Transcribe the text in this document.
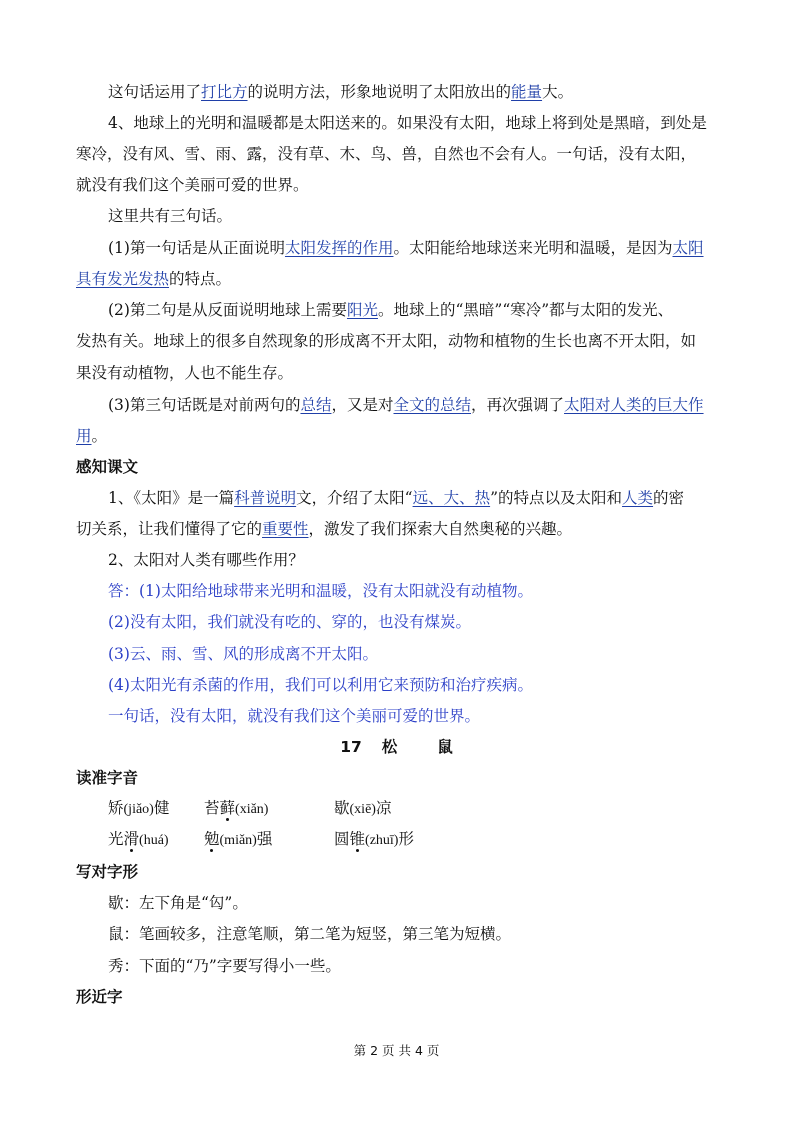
这句话运用了打比方的说明方法，形象地说明了太阳放出的能量大。
4、地球上的光明和温暖都是太阳送来的。如果没有太阳，地球上将到处是黑暗，到处是
寒冷，没有风、雪、雨、露，没有草、木、鸟、兽，自然也不会有人。一句话，没有太阳，
就没有我们这个美丽可爱的世界。
这里共有三句话。
(1)第一句话是从正面说明太阳发挥的作用。太阳能给地球送来光明和温暖，是因为太阳
具有发光发热的特点。
(2)第二句是从反面说明地球上需要阳光。地球上的“黑暗”“寒冷”都与太阳的发光、
发热有关。地球上的很多自然现象的形成离不开太阳，动物和植物的生长也离不开太阳，如
果没有动植物，人也不能生存。
(3)第三句话既是对前两句的总结，又是对全文的总结，再次强调了太阳对人类的巨大作
用。
感知课文
1、《太阳》是一篇科普说明文，介绍了太阳“远、大、热”的特点以及太阳和人类的密
切关系，让我们懂得了它的重要性，激发了我们探索大自然奥秘的兴趣。
2、太阳对人类有哪些作用？
答：(1)太阳给地球带来光明和温暖，没有太阳就没有动植物。
(2)没有太阳，我们就没有吃的、穿的，也没有煤炭。
(3)云、雨、雪、风的形成离不开太阳。
(4)太阳光有杀菌的作用，我们可以利用它来预防和治疗疾病。
一句话，没有太阳，就没有我们这个美丽可爱的世界。
17 松	鼠
读准字音
矫(jiǎo)健 苔藓(xiǎn)	歇(xiē)凉
光滑(huá) 勉(miǎn)强	圆锥(zhuī)形
写对字形
歇：左下角是“匃”。
鼠：笔画较多，注意笔顺，第二笔为短竖，第三笔为短横。
秀：下面的“乃”字要写得小一些。
形近字
第 2 页 共 4 页
